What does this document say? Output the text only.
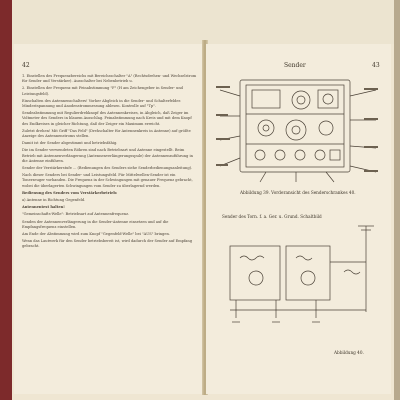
42

1. Einstellen des Frequenzbereichs mit Bereichsschalter "A" (Rechtsdrehen- und Wechselstrom für Sender und Verstärker). Ausschalter bei Nebenbetrieb u.

2. Einstellen der Frequenz mit Feinabstimmung "F" (H am Zeichengeber in Sender- und Leistungsfeld).

Einschalten des Antennenschalters! Vorher Abgleich in die Sender- und Schalterfelder. Mindestspannung und Anodenstrommessung ablesen. Kontrolle auf "Tp".

Sendeabstimmung mit Regulierdrehknopf des Antennenkreises, in Abgleich, daß Zeiger im Voltmeter des Senders in blauem Ausschlag. Feinabstimmung nach Kreis und mit dem Knopf des Endkreises in gleicher Richtung, daß der Zeiger ein Maximum erreicht.

Zuletzt drehen! Mit Griff "Das Feld" (Drehschalter für Antennenkreis in Antenne) auf größte Anzeige des Antennenstroms stellen.

Damit ist der Sender abgestimmt und betriebsfähig.

Die im Sender verwendeten Röhren sind nach Betriebsart und Antenne eingestellt. Beim Betrieb mit Antennenverlängerung (Antennenverlängerungsspule) der Antennenzuführung in die Antenne einführen.

Sender der Verstärkerstufe ... (Bedienungen des Senders siehe Senderbedienungsanleitung).

Nach dieser Senders bei Sender- und Leistungsfeld. Für Mittelwellen-Sender ist ein Tonerzeuger vorhanden. Die Frequenz in der Schwingungen mit genauer Frequenz gebracht, wobei die überlagerten Schwingungen vom Sender zu überlagernd werden.

Bedienung des Senders vom Verstärkerbetrieb:

a) Antenne in Richtung Gegenfeld.

Antennentest halten!

"Gemeinschafts-Welle": Betriebsart auf Antennenfrequenz.

Senden der Antennenverlängerung in die Sender-Antenne einsetzen und auf die Empfangsfrequenz einstellen.

Am Ende der Abstimmung wird zum Knopf "Gegenfeld-Welle" bei "AUS" bringen.

Wenn das Lautwerk für den Sender betriebsbereit ist, wird dadurch der Sender auf Empfang gebracht.

Sender	43
Abbildung 39. Vorderansicht des Senderschrankes 40.
Sender des Torn. f. a. Ger. u. Grund. Schaltbild
Abbildung 40.
